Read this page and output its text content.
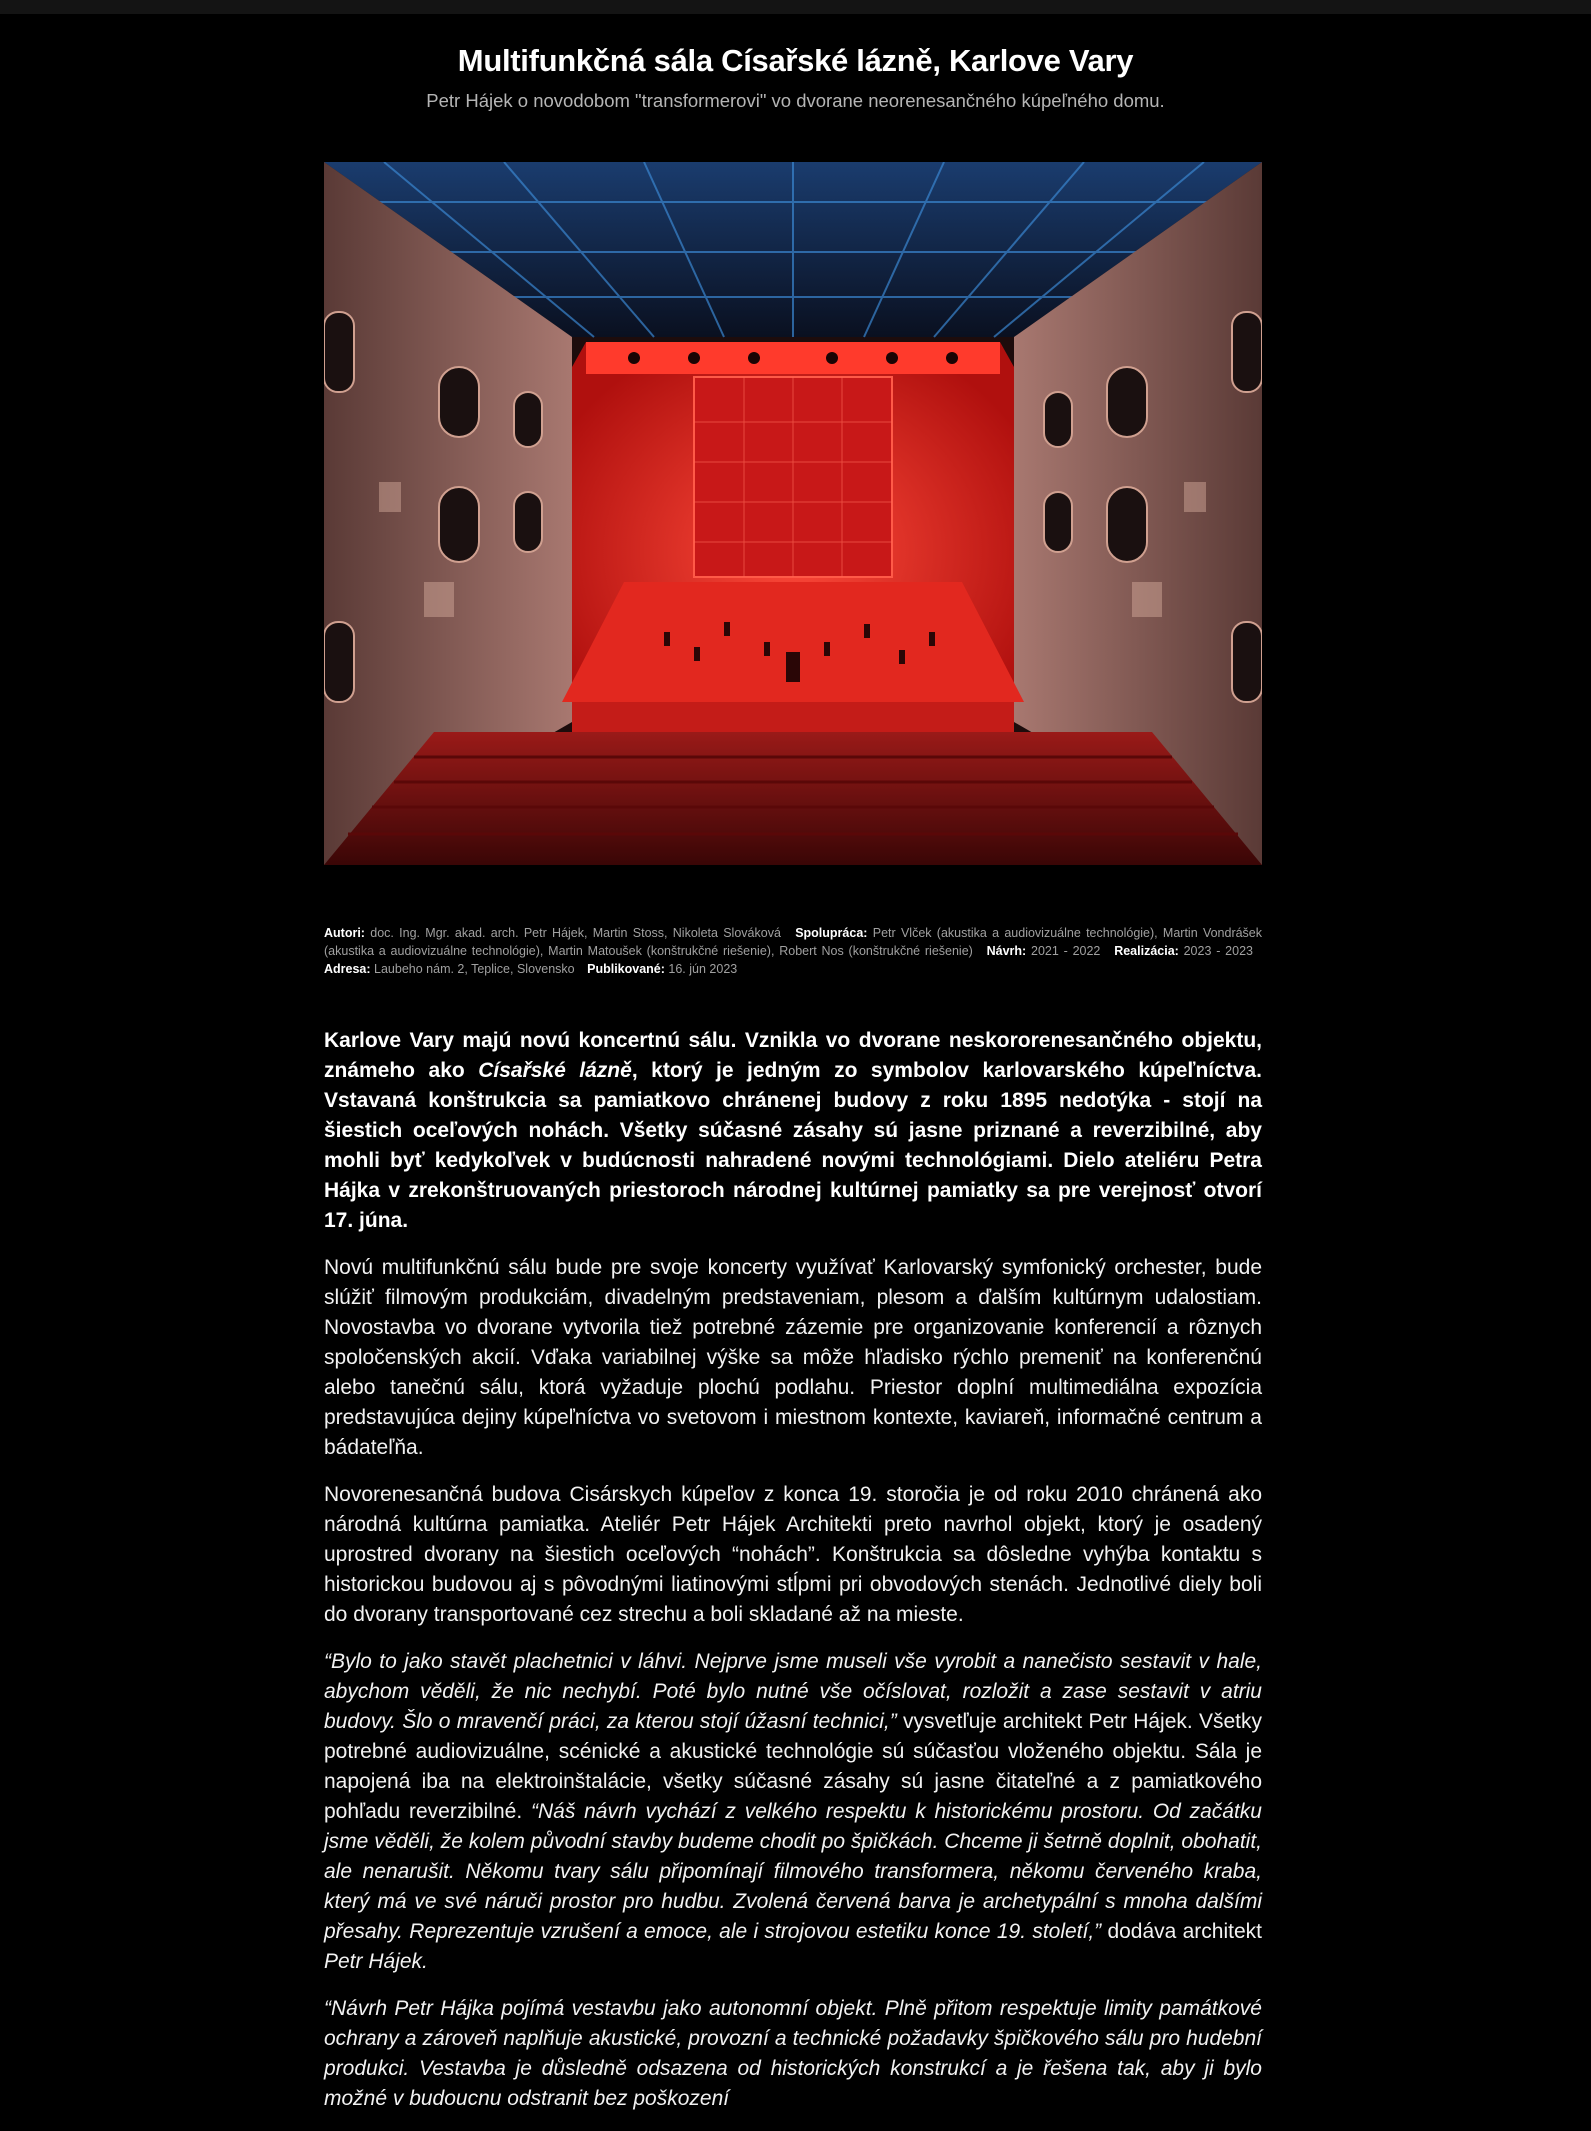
Multifunkčná sála Císařské lázně, Karlove Vary
Petr Hájek o novodobom "transformerovi" vo dvorane neorenesančného kúpeľného domu.
Autori: doc. Ing. Mgr. akad. arch. Petr Hájek, Martin Stoss, Nikoleta Slováková Spolupráca: Petr Vlček (akustika a audiovizuálne technológie), Martin Vondrášek (akustika a audiovizuálne technológie), Martin Matoušek (konštrukčné riešenie), Robert Nos (konštrukčné riešenie) Návrh: 2021 - 2022 Realizácia: 2023 - 2023 Adresa: Laubeho nám. 2, Teplice, Slovensko Publikované: 16. jún 2023

Karlove Vary majú novú koncertnú sálu. Vznikla vo dvorane neskororenesančného objektu, známeho ako Císařské lázně, ktorý je jedným zo symbolov karlovarského kúpeľníctva. Vstavaná konštrukcia sa pamiatkovo chránenej budovy z roku 1895 nedotýka - stojí na šiestich oceľových nohách. Všetky súčasné zásahy sú jasne priznané a reverzibilné, aby mohli byť kedykoľvek v budúcnosti nahradené novými technológiami. Dielo ateliéru Petra Hájka v zrekonštruovaných priestoroch národnej kultúrnej pamiatky sa pre verejnosť otvorí 17. júna.

Novú multifunkčnú sálu bude pre svoje koncerty využívať Karlovarský symfonický orchester, bude slúžiť filmovým produkciám, divadelným predstaveniam, plesom a ďalším kultúrnym udalostiam. Novostavba vo dvorane vytvorila tiež potrebné zázemie pre organizovanie konferencií a rôznych spoločenských akcií. Vďaka variabilnej výške sa môže hľadisko rýchlo premeniť na konferenčnú alebo tanečnú sálu, ktorá vyžaduje plochú podlahu. Priestor doplní multimediálna expozícia predstavujúca dejiny kúpeľníctva vo svetovom i miestnom kontexte, kaviareň, informačné centrum a bádateľňa.

Novorenesančná budova Cisárskych kúpeľov z konca 19. storočia je od roku 2010 chránená ako národná kultúrna pamiatka. Ateliér Petr Hájek Architekti preto navrhol objekt, ktorý je osadený uprostred dvorany na šiestich oceľových “nohách”. Konštrukcia sa dôsledne vyhýba kontaktu s historickou budovou aj s pôvodnými liatinovými stĺpmi pri obvodových stenách. Jednotlivé diely boli do dvorany transportované cez strechu a boli skladané až na mieste.

“Bylo to jako stavět plachetnici v láhvi. Nejprve jsme museli vše vyrobit a nanečisto sestavit v hale, abychom věděli, že nic nechybí. Poté bylo nutné vše očíslovat, rozložit a zase sestavit v atriu budovy. Šlo o mravenčí práci, za kterou stojí úžasní technici,” vysvetľuje architekt Petr Hájek. Všetky potrebné audiovizuálne, scénické a akustické technológie sú súčasťou vloženého objektu. Sála je napojená iba na elektroinštalácie, všetky súčasné zásahy sú jasne čitateľné a z pamiatkového pohľadu reverzibilné. “Náš návrh vychází z velkého respektu k historickému prostoru. Od začátku jsme věděli, že kolem původní stavby budeme chodit po špičkách. Chceme ji šetrně doplnit, obohatit, ale nenarušit. Někomu tvary sálu připomínají filmového transformera, někomu červeného kraba, který má ve své náruči prostor pro hudbu. Zvolená červená barva je archetypální s mnoha dalšími přesahy. Reprezentuje vzrušení a emoce, ale i strojovou estetiku konce 19. století,” dodáva architekt Petr Hájek.

“Návrh Petr Hájka pojímá vestavbu jako autonomní objekt. Plně přitom respektuje limity památkové ochrany a zároveň naplňuje akustické, provozní a technické požadavky špičkového sálu pro hudební produkci. Vestavba je důsledně odsazena od historických konstrukcí a je řešena tak, aby ji bylo možné v budoucnu odstranit bez poškození
